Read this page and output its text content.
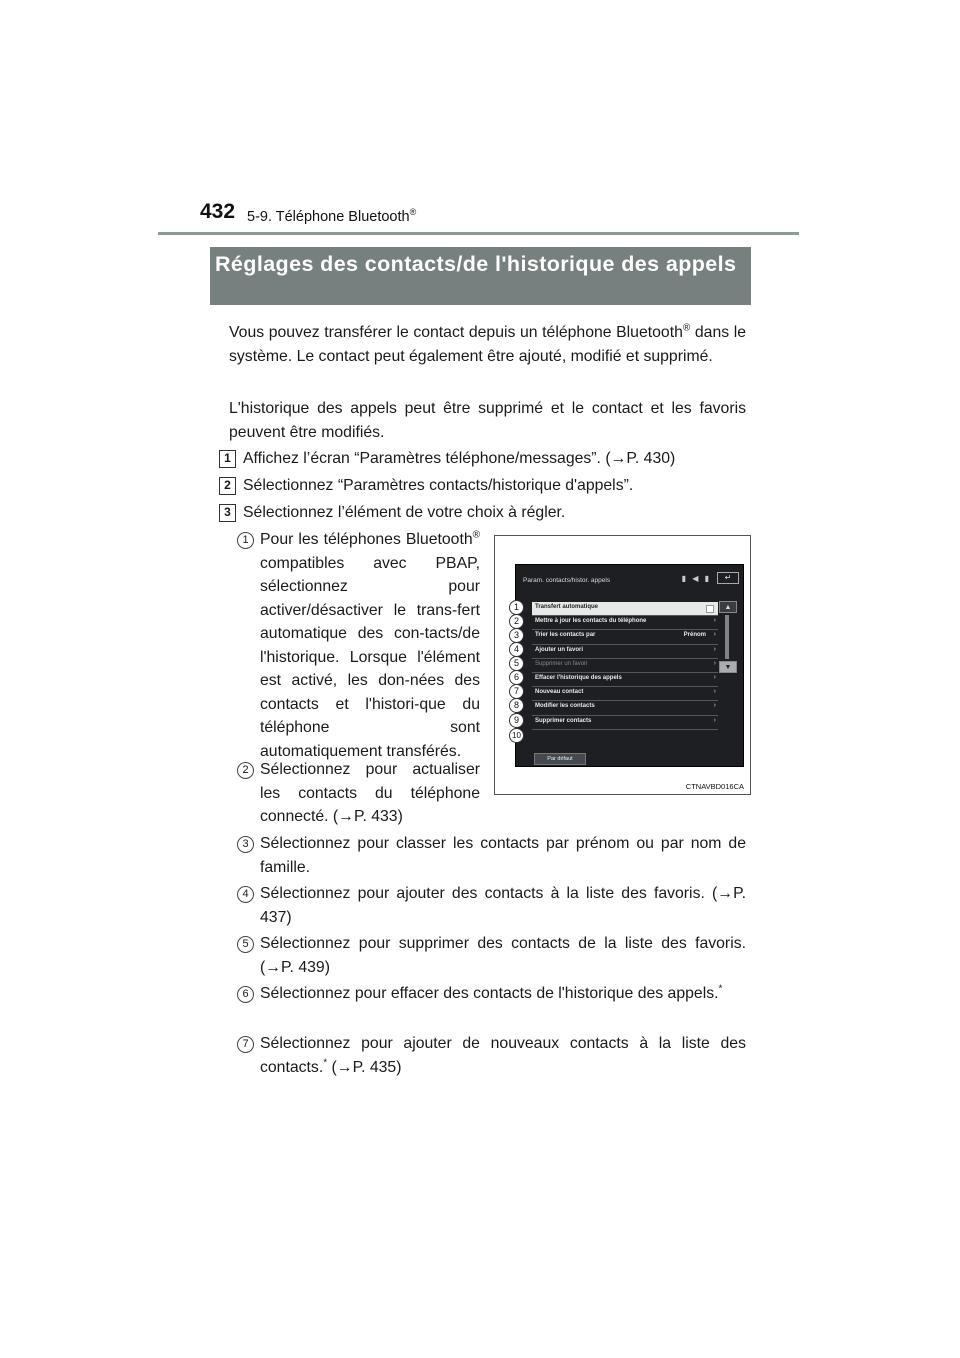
432 5-9. Téléphone Bluetooth®
Réglages des contacts/de l'historique des appels
Vous pouvez transférer le contact depuis un téléphone Bluetooth® dans le système. Le contact peut également être ajouté, modifié et supprimé.
L'historique des appels peut être supprimé et le contact et les favoris peuvent être modifiés.
1 Affichez l’écran “Paramètres téléphone/messages”. (→P. 430)
2 Sélectionnez “Paramètres contacts/historique d'appels”.
3 Sélectionnez l’élément de votre choix à régler.
1 Pour les téléphones Bluetooth® compatibles avec PBAP, sélectionnez pour activer/désactiver le trans-fert automatique des con-tacts/de l'historique. Lorsque l'élément est activé, les don-nées des contacts et l'histori-que du téléphone sont automatiquement transférés.
2 Sélectionnez pour actualiser les contacts du téléphone connecté. (→P. 433)
3 Sélectionnez pour classer les contacts par prénom ou par nom de famille.
4 Sélectionnez pour ajouter des contacts à la liste des favoris. (→P. 437)
5 Sélectionnez pour supprimer des contacts de la liste des favoris. (→P. 439)
6 Sélectionnez pour effacer des contacts de l'historique des appels.*
7 Sélectionnez pour ajouter de nouveaux contacts à la liste des contacts.* (→P. 435)
Param. contacts/histor. appels	▮ ◀ ▮	↵
Transfert automatique
Mettre à jour les contacts du téléphone	›
Trier les contacts par	Prénom ›
Ajouter un favori	›
Supprimer un favori	›
Effacer l'historique des appels	›
Nouveau contact	›
Modifier les contacts	›
Supprimer contacts	›
▲
▼
Par défaut
1
2
3
4
5
6
7
8
9
10
CTNAVBD016CA
